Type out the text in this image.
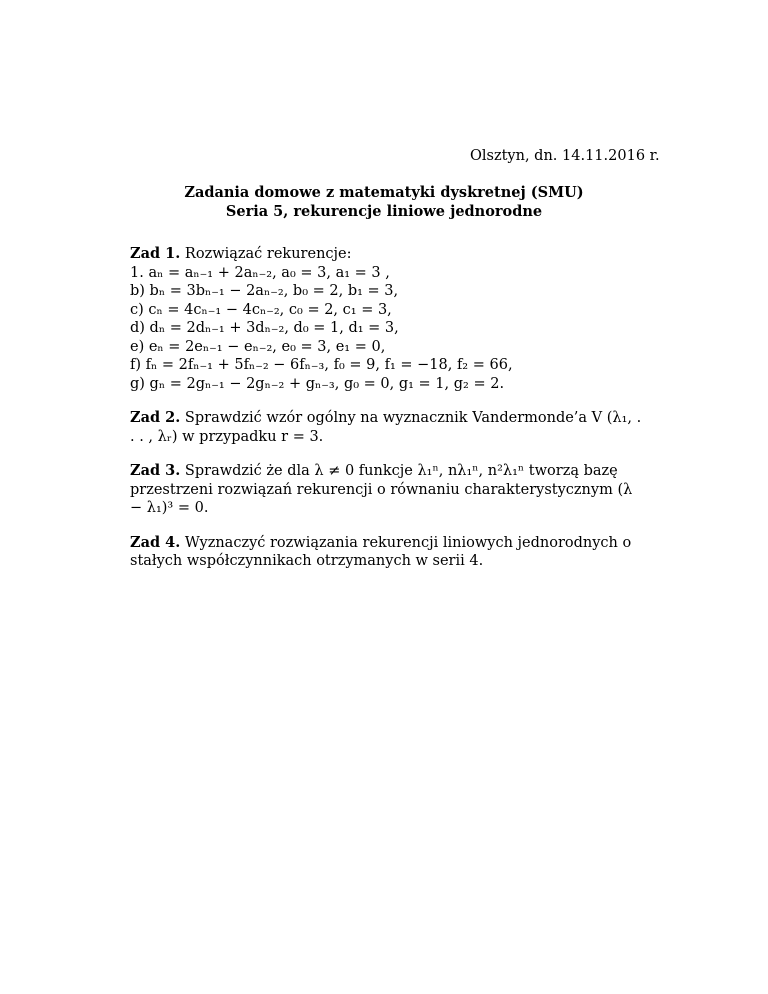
Olsztyn, dn. 14.11.2016 r.
Zadania domowe z matematyki dyskretnej (SMU)
Seria 5, rekurencje liniowe jednorodne
Zad 1. Rozwiązać rekurencje:
1. aₙ = aₙ₋₁ + 2aₙ₋₂, a₀ = 3, a₁ = 3 ,
b) bₙ = 3bₙ₋₁ − 2aₙ₋₂, b₀ = 2, b₁ = 3,
c) cₙ = 4cₙ₋₁ − 4cₙ₋₂, c₀ = 2, c₁ = 3,
d) dₙ = 2dₙ₋₁ + 3dₙ₋₂, d₀ = 1, d₁ = 3,
e) eₙ = 2eₙ₋₁ − eₙ₋₂, e₀ = 3, e₁ = 0,
f) fₙ = 2fₙ₋₁ + 5fₙ₋₂ − 6fₙ₋₃, f₀ = 9, f₁ = −18, f₂ = 66,
g) gₙ = 2gₙ₋₁ − 2gₙ₋₂ + gₙ₋₃, g₀ = 0, g₁ = 1, g₂ = 2.
Zad 2. Sprawdzić wzór ogólny na wyznacznik Vandermonde’a V (λ₁, . . . , λᵣ) w przypadku r = 3.
Zad 3. Sprawdzić że dla λ ≠ 0 funkcje λ₁ⁿ, nλ₁ⁿ, n²λ₁ⁿ tworzą bazę przestrzeni rozwiązań rekurencji o równaniu charakterystycznym (λ − λ₁)³ = 0.
Zad 4. Wyznaczyć rozwiązania rekurencji liniowych jednorodnych o stałych współczynnikach otrzymanych w serii 4.
